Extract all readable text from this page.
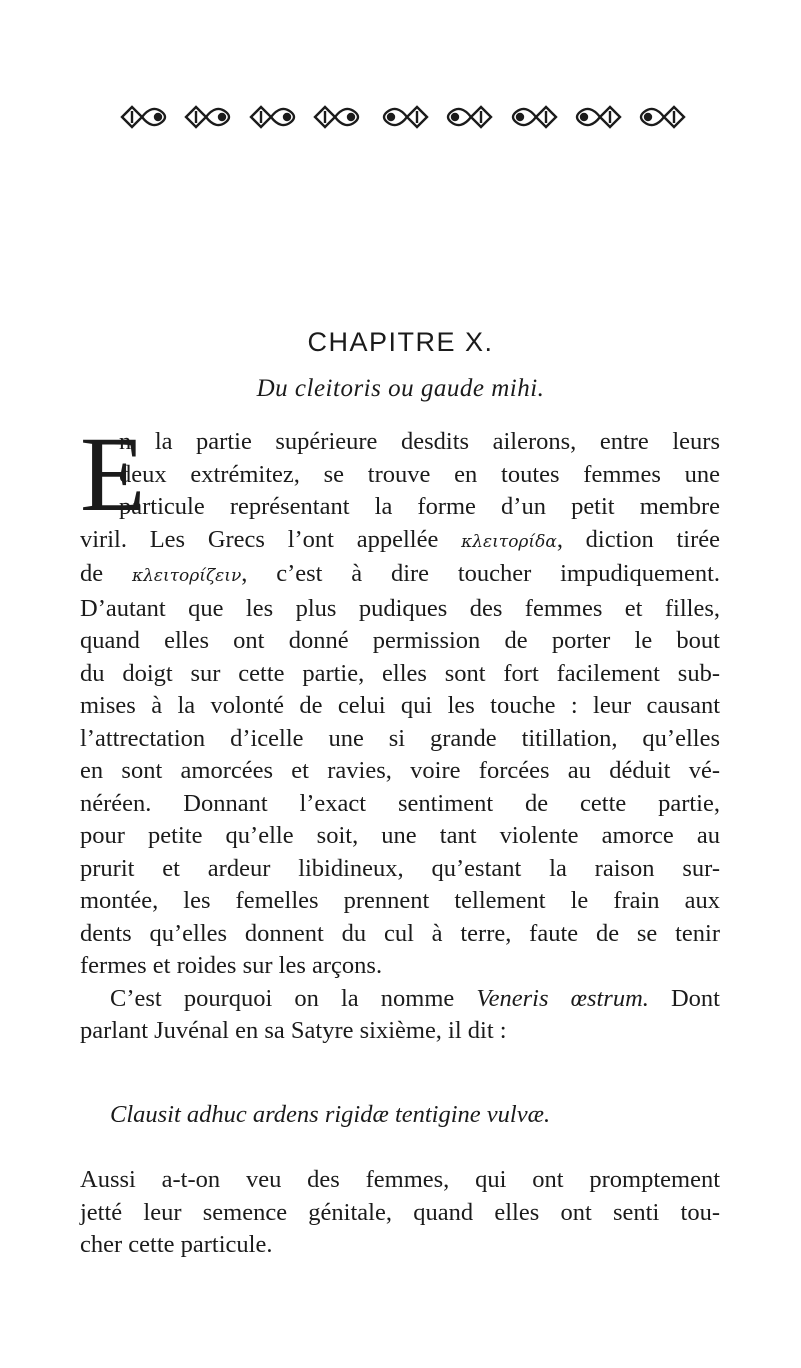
CHAPITRE X.
Du cleitoris ou gaude mihi.
E
n la partie supérieure desdits ailerons, entre leurs
deux extrémitez, se trouve en toutes femmes une
particule représentant la forme d’un petit membre
viril. Les Grecs l’ont appellée κλειτορίδα, diction tirée
de κλειτορίζειν, c’est à dire toucher impudiquement.
D’autant que les plus pudiques des femmes et filles,
quand elles ont donné permission de porter le bout
du doigt sur cette partie, elles sont fort facilement sub-
mises à la volonté de celui qui les touche : leur causant
l’attrectation d’icelle une si grande titillation, qu’elles
en sont amorcées et ravies, voire forcées au déduit vé-
néréen. Donnant l’exact sentiment de cette partie,
pour petite qu’elle soit, une tant violente amorce au
prurit et ardeur libidineux, qu’estant la raison sur-
montée, les femelles prennent tellement le frain aux
dents qu’elles donnent du cul à terre, faute de se tenir
fermes et roides sur les arçons.
C’est pourquoi on la nomme Veneris œstrum. Dont
parlant Juvénal en sa Satyre sixième, il dit :
Clausit adhuc ardens rigidæ tentigine vulvæ.
Aussi a-t-on veu des femmes, qui ont promptement
jetté leur semence génitale, quand elles ont senti tou-
cher cette particule.
